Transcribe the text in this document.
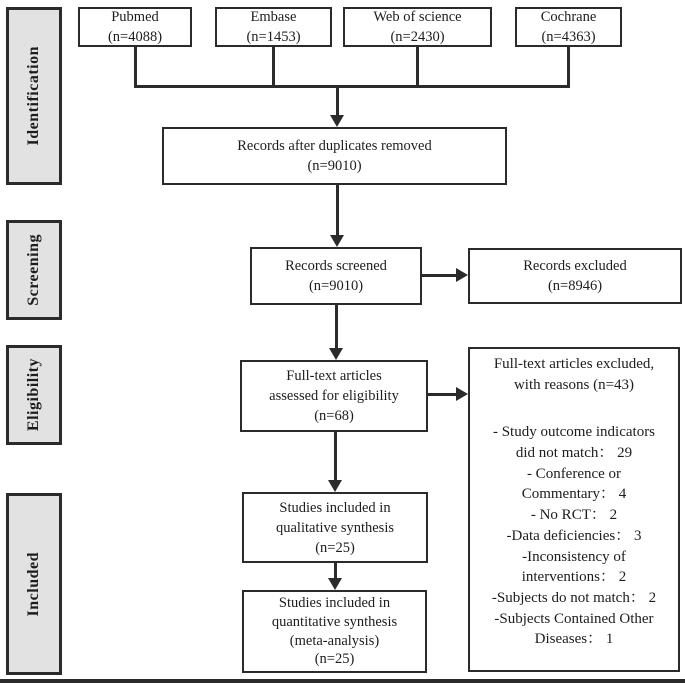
Identification
Screening
Eligibility
Included
Pubmed
(n=4088)
Embase
(n=1453)
Web of science
(n=2430)
Cochrane
(n=4363)
Records after duplicates removed
(n=9010)
Records screened
(n=9010)
Records excluded
(n=8946)
Full-text articles
assessed for eligibility
(n=68)
Full-text articles excluded,
with reasons (n=43)
- Study outcome indicators
did not match： 29
- Conference or
Commentary： 4
- No RCT： 2
-Data deficiencies： 3
-Inconsistency of
interventions： 2
-Subjects do not match： 2
-Subjects Contained Other
Diseases： 1
Studies included in
qualitative synthesis
(n=25)
Studies included in
quantitative synthesis
(meta-analysis)
(n=25)
